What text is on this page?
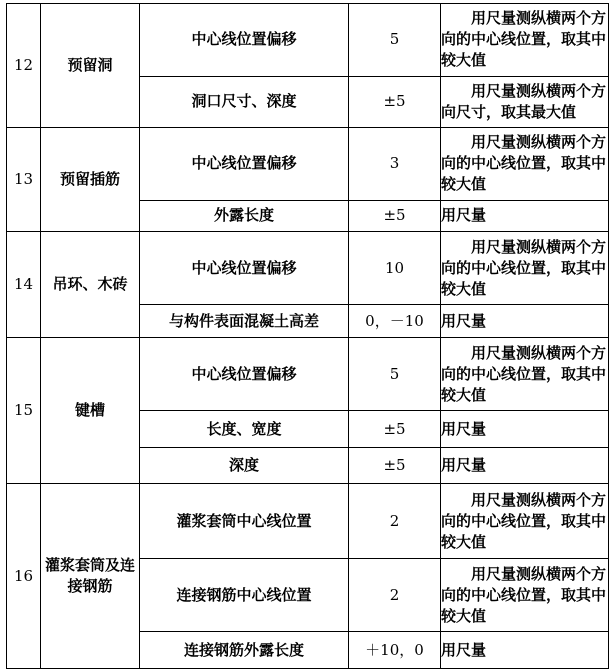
12	预留洞	中心线位置偏移	5	用尺量测纵横两个方向的中心线位置，取其中较大值

		洞口尺寸、深度	±5	用尺量测纵横两个方向尺寸，取其最大值

13	预留插筋	中心线位置偏移	3	用尺量测纵横两个方向的中心线位置，取其中较大值

		外露长度	±5	用尺量

14	吊环、木砖	中心线位置偏移	10	用尺量测纵横两个方向的中心线位置，取其中较大值

		与构件表面混凝土高差	0，－10	用尺量

15	键槽	中心线位置偏移	5	用尺量测纵横两个方向的中心线位置，取其中较大值

		长度、宽度	±5	用尺量

		深度	±5	用尺量

16	灌浆套筒及连接钢筋	灌浆套筒中心线位置	2	用尺量测纵横两个方向的中心线位置，取其中较大值

		连接钢筋中心线位置	2	用尺量测纵横两个方向的中心线位置，取其中较大值

		连接钢筋外露长度	＋10，0	用尺量
